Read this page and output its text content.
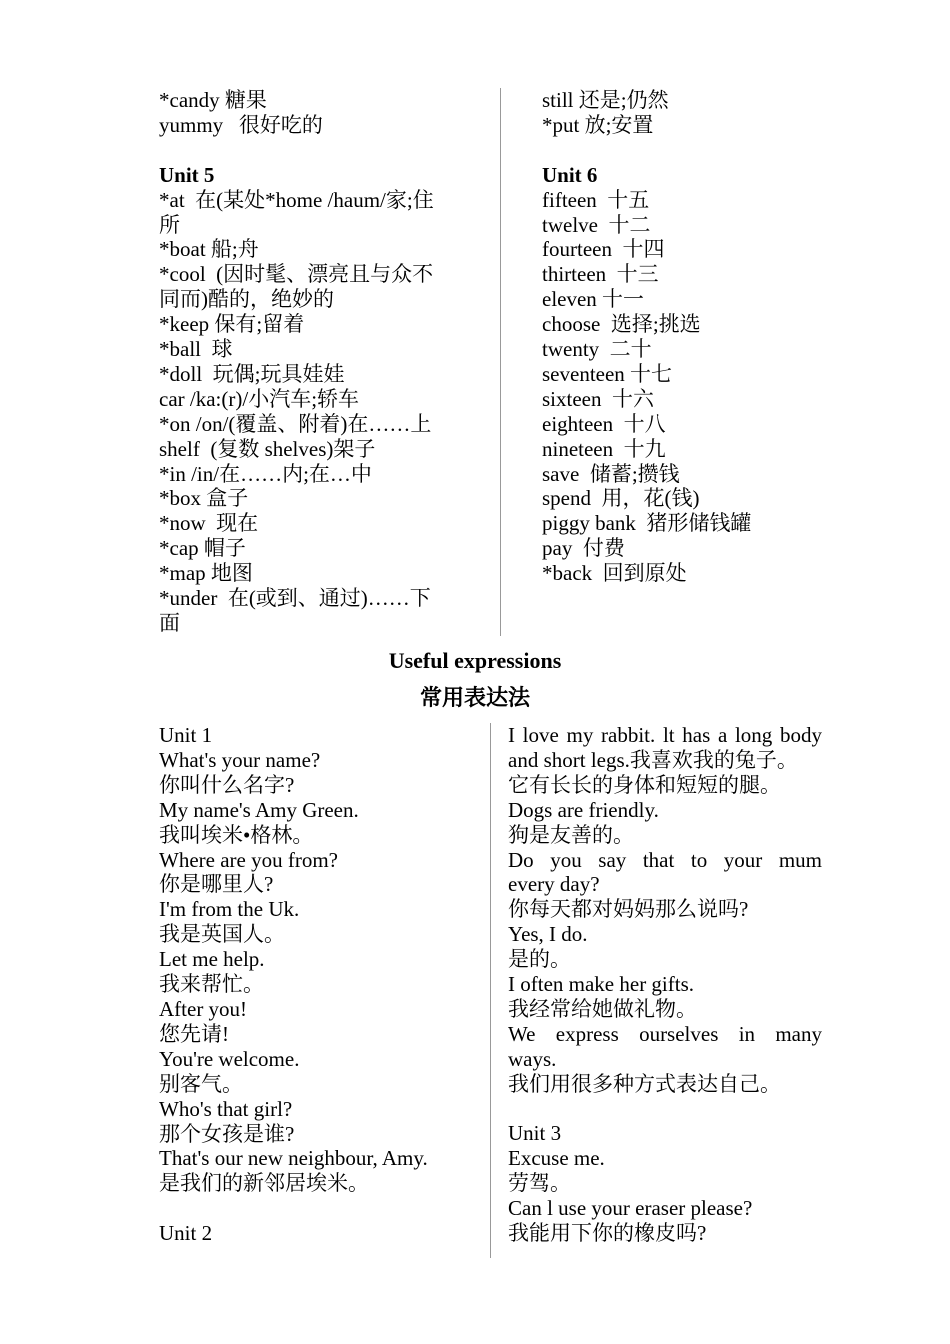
*candy 糖果
yummy   很好吃的
Unit 5
*at  在(某处*home /haum/家;住
所
*boat 船;舟
*cool  (因时髦、漂亮且与众不
同而)酷的，绝妙的
*keep 保有;留着
*ball  球
*doll  玩偶;玩具娃娃
car /ka:(r)/小汽车;轿车
*on /on/(覆盖、附着)在……上
shelf  (复数 shelves)架子
*in /in/在……内;在…中
*box 盒子
*now  现在
*cap 帽子
*map 地图
*under  在(或到、通过)……下
面
still 还是;仍然
*put 放;安置
Unit 6
fifteen  十五
twelve  十二
fourteen  十四
thirteen  十三
eleven 十一
choose  选择;挑选
twenty  二十
seventeen 十七
sixteen  十六
eighteen  十八
nineteen  十九
save  储蓄;攒钱
spend  用，花(钱)
piggy bank  猪形储钱罐
pay  付费
*back  回到原处
Useful expressions
常用表达法
Unit 1
What's your name?
你叫什么名字?
My name's Amy Green.
我叫埃米•格林。
Where are you from?
你是哪里人?
I'm from the Uk.
我是英国人。
Let me help.
我来帮忙。
After you!
您先请!
You're welcome.
别客气。
Who's that girl?
那个女孩是谁?
That's our new neighbour, Amy.
是我们的新邻居埃米。
Unit 2
I love my rabbit. lt has a long body
and short legs.我喜欢我的兔子。
它有长长的身体和短短的腿。
Dogs are friendly.
狗是友善的。
Do you say that to your mum
every day?
你每天都对妈妈那么说吗?
Yes, I do.
是的。
I often make her gifts.
我经常给她做礼物。
We express ourselves in many
ways.
我们用很多种方式表达自己。
Unit 3
Excuse me.
劳驾。
Can l use your eraser please?
我能用下你的橡皮吗?
